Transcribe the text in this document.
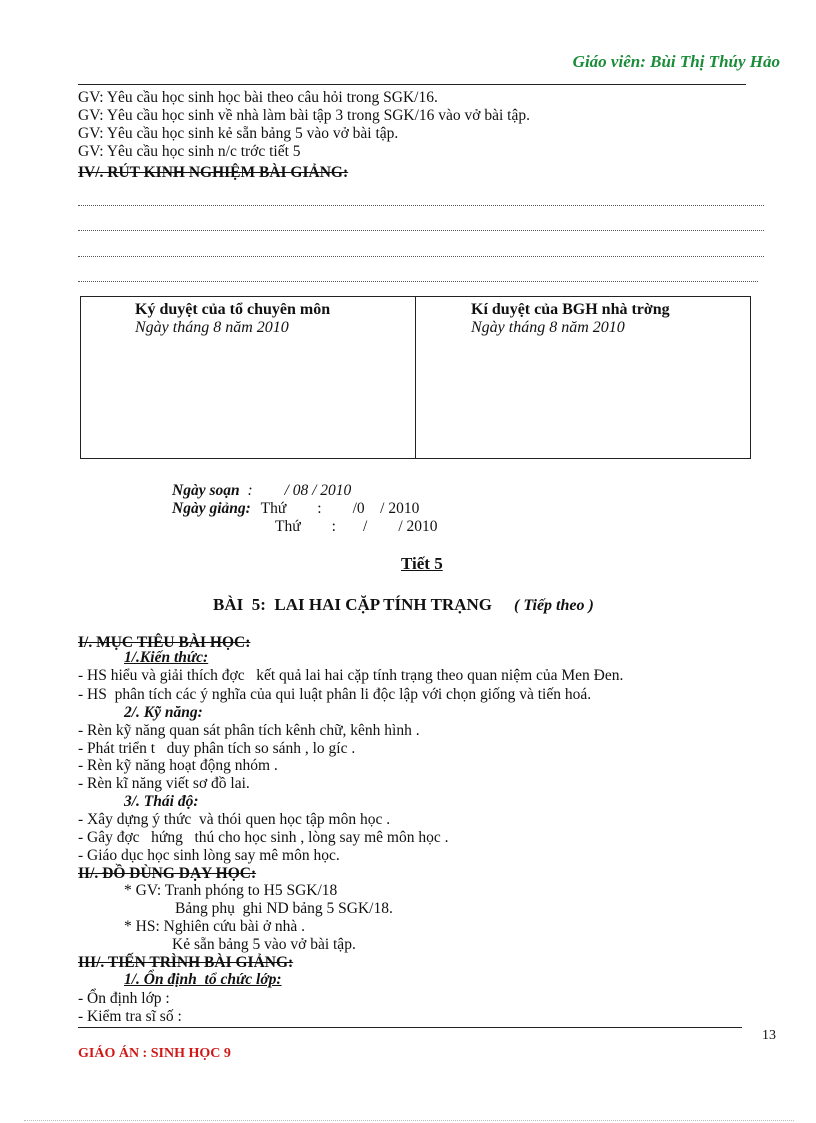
Giáo viên: Bùi Thị Thúy Hảo
GV: Yêu cầu học sinh học bài theo câu hỏi trong SGK/16.
GV: Yêu cầu học sinh về nhà làm bài tập 3 trong SGK/16 vào vở bài tập.
GV: Yêu cầu học sinh kẻ sẵn bảng 5 vào vở bài tập.
GV: Yêu cầu học sinh n/c trớc tiết 5
IV/. RÚT KINH NGHIỆM BÀI GIẢNG:
Ký duyệt của tổ chuyên môn
Ngày tháng 8 năm 2010
Kí duyệt của BGH nhà trờng
Ngày tháng 8 năm 2010
Ngày soạn : / 08 / 2010
Ngày giảng: Thứ        :        /0    / 2010
Thứ        :       /        / 2010
Tiết 5
BÀI  5:  LAI HAI CẶP TÍNH TRẠNG ( Tiếp theo )
I/. MỤC TIÊU BÀI HỌC:
1/.Kiến thức:
- HS hiểu và giải thích đợc   kết quả lai hai cặp tính trạng theo quan niệm của Men Đen.
- HS  phân tích các ý nghĩa của qui luật phân li độc lập với chọn giống và tiến hoá.
2/. Kỹ năng:
- Rèn kỹ năng quan sát phân tích kênh chữ, kênh hình .
- Phát triển t   duy phân tích so sánh , lo gíc .
- Rèn kỹ năng hoạt động nhóm .
- Rèn kĩ năng viết sơ đồ lai.
3/. Thái độ:
- Xây dựng ý thức  và thói quen học tập môn học .
- Gây đợc   hứng   thú cho học sinh , lòng say mê môn học .
- Giáo dục học sinh lòng say mê môn học.
II/. ĐỒ DÙNG DẠY HỌC:
* GV: Tranh phóng to H5 SGK/18
Bảng phụ  ghi ND bảng 5 SGK/18.
* HS: Nghiên cứu bài ở nhà .
Kẻ sẵn bảng 5 vào vở bài tập.
III/. TIẾN TRÌNH BÀI GIẢNG:
1/. Ổn định  tổ chức lớp:
- Ổn định lớp :
- Kiểm tra sĩ số :
13
GIÁO ÁN : SINH HỌC 9
